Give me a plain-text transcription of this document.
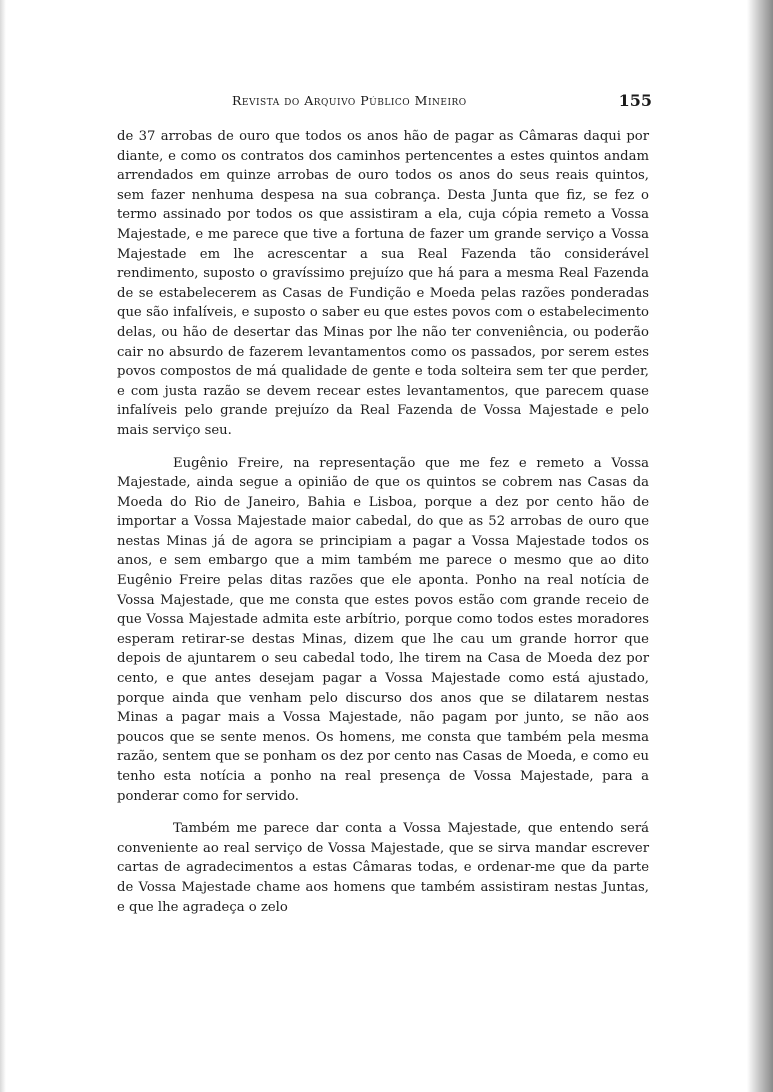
Revista do Arquivo Público Mineiro	155

de 37 arrobas de ouro que todos os anos hão de pagar as Câmaras daqui por diante, e como os contratos dos caminhos pertencentes a estes quintos andam arrendados em quinze arrobas de ouro todos os anos do seus reais quintos, sem fazer nenhuma despesa na sua cobrança. Desta Junta que fiz, se fez o termo assinado por todos os que assistiram a ela, cuja cópia remeto a Vossa Majestade, e me parece que tive a fortuna de fazer um grande serviço a Vossa Majestade em lhe acrescentar a sua Real Fazenda tão considerável rendimento, suposto o gravíssimo prejuízo que há para a mesma Real Fazenda de se estabelecerem as Casas de Fundição e Moeda pelas razões ponderadas que são infalíveis, e suposto o saber eu que estes povos com o estabelecimento delas, ou hão de desertar das Minas por lhe não ter conveniência, ou poderão cair no absurdo de fazerem levantamentos como os passados, por serem estes povos compostos de má qualidade de gente e toda solteira sem ter que perder, e com justa razão se devem recear estes levantamentos, que parecem quase infalíveis pelo grande prejuízo da Real Fazenda de Vossa Majestade e pelo mais serviço seu.

Eugênio Freire, na representação que me fez e remeto a Vossa Majestade, ainda segue a opinião de que os quintos se cobrem nas Casas da Moeda do Rio de Janeiro, Bahia e Lisboa, porque a dez por cento hão de importar a Vossa Majestade maior cabedal, do que as 52 arrobas de ouro que nestas Minas já de agora se principiam a pagar a Vossa Majestade todos os anos, e sem embargo que a mim também me parece o mesmo que ao dito Eugênio Freire pelas ditas razões que ele aponta. Ponho na real notícia de Vossa Majestade, que me consta que estes povos estão com grande receio de que Vossa Majestade admita este arbítrio, porque como todos estes moradores esperam retirar-se destas Minas, dizem que lhe cau um grande horror que depois de ajuntarem o seu cabedal todo, lhe tirem na Casa de Moeda dez por cento, e que antes desejam pagar a Vossa Majestade como está ajustado, porque ainda que venham pelo discurso dos anos que se dilatarem nestas Minas a pagar mais a Vossa Majestade, não pagam por junto, se não aos poucos que se sente menos. Os homens, me consta que também pela mesma razão, sentem que se ponham os dez por cento nas Casas de Moeda, e como eu tenho esta notícia a ponho na real presença de Vossa Majestade, para a ponderar como for servido.

Também me parece dar conta a Vossa Majestade, que entendo será conveniente ao real serviço de Vossa Majestade, que se sirva mandar escrever cartas de agradecimentos a estas Câmaras todas, e ordenar-me que da parte de Vossa Majestade chame aos homens que também assistiram nestas Juntas, e que lhe agradeça o zelo
